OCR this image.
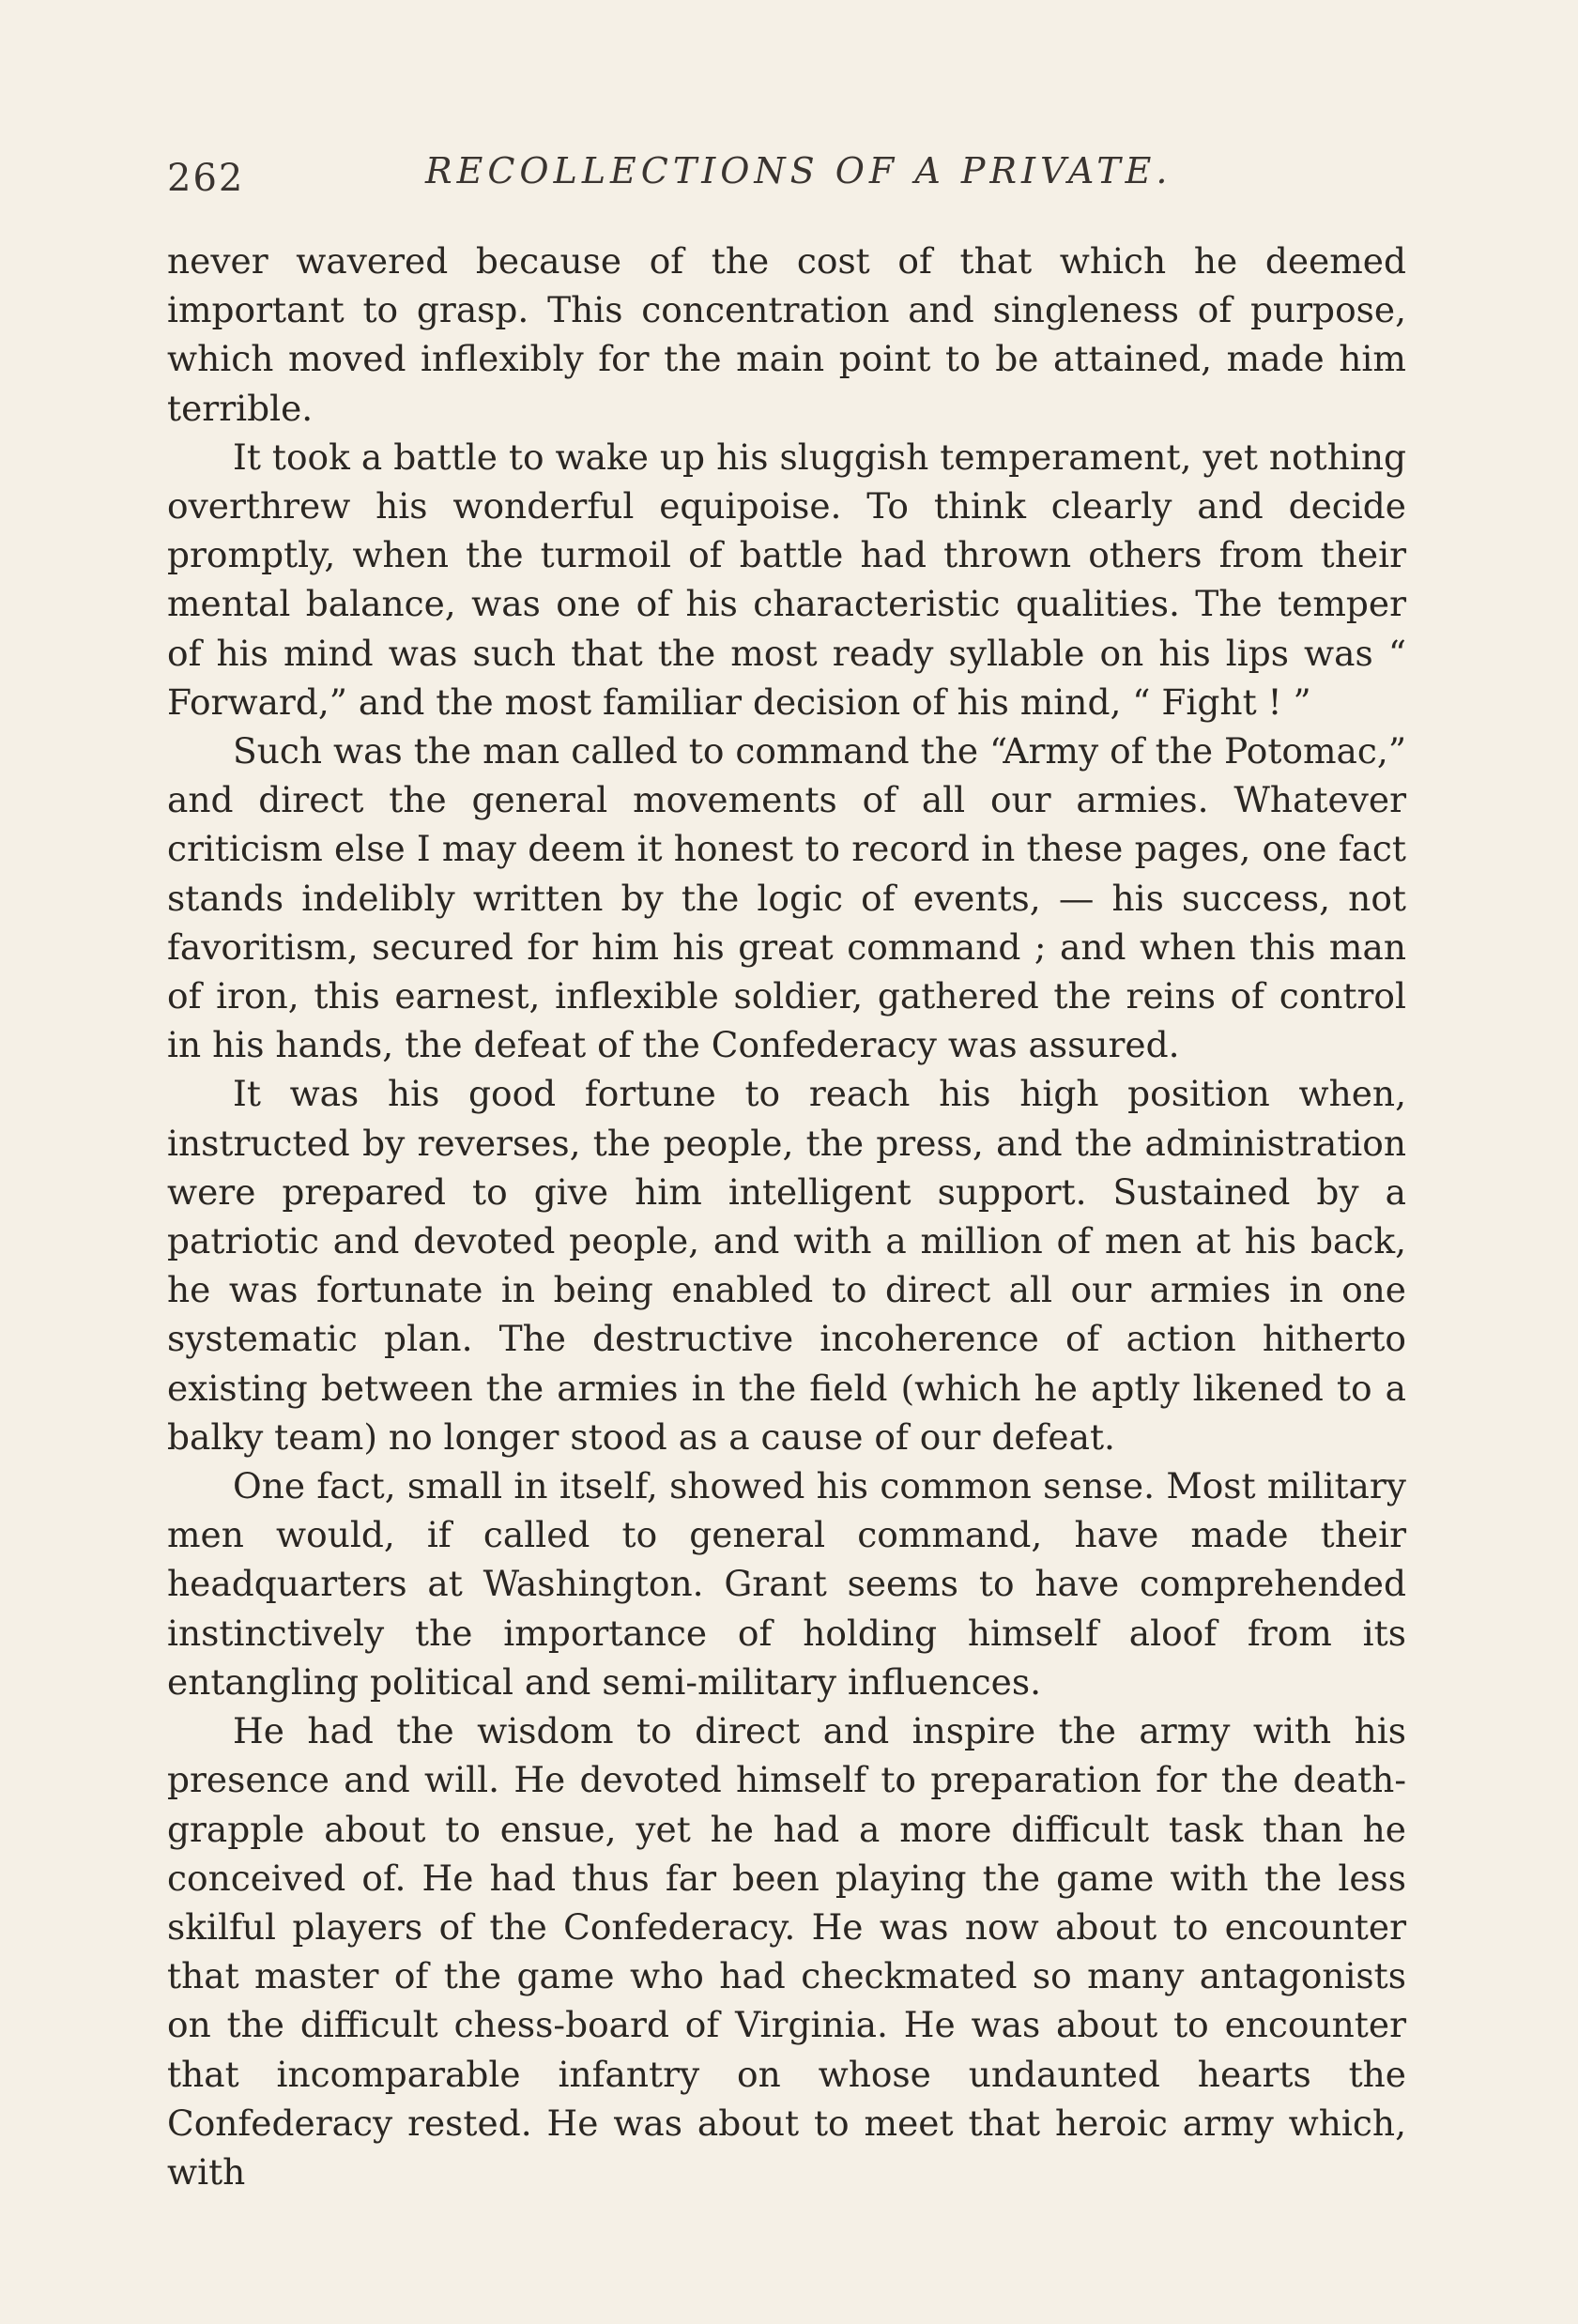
262	RECOLLECTIONS OF A PRIVATE.

never wavered because of the cost of that which he deemed important to grasp. This concentration and singleness of purpose, which moved inflexibly for the main point to be attained, made him terrible.

It took a battle to wake up his sluggish temperament, yet nothing overthrew his wonderful equipoise. To think clearly and decide promptly, when the turmoil of battle had thrown others from their mental balance, was one of his characteristic qualities. The temper of his mind was such that the most ready syllable on his lips was “ Forward,” and the most familiar decision of his mind, “ Fight ! ”

Such was the man called to command the “Army of the Potomac,” and direct the general movements of all our armies. Whatever criticism else I may deem it honest to record in these pages, one fact stands indelibly written by the logic of events, — his success, not favoritism, secured for him his great command ; and when this man of iron, this earnest, inflexible soldier, gathered the reins of control in his hands, the defeat of the Confederacy was assured.

It was his good fortune to reach his high position when, instructed by reverses, the people, the press, and the administration were prepared to give him intelligent support. Sustained by a patriotic and devoted people, and with a million of men at his back, he was fortunate in being enabled to direct all our armies in one systematic plan. The destructive incoherence of action hitherto existing between the armies in the field (which he aptly likened to a balky team) no longer stood as a cause of our defeat.

One fact, small in itself, showed his common sense. Most military men would, if called to general command, have made their headquarters at Washington. Grant seems to have comprehended instinctively the importance of holding himself aloof from its entangling political and semi-military influences.

He had the wisdom to direct and inspire the army with his presence and will. He devoted himself to preparation for the death-grapple about to ensue, yet he had a more difficult task than he conceived of. He had thus far been playing the game with the less skilful players of the Confederacy. He was now about to encounter that master of the game who had checkmated so many antagonists on the difficult chess-board of Virginia. He was about to encounter that incomparable infantry on whose undaunted hearts the Confederacy rested. He was about to meet that heroic army which, with
